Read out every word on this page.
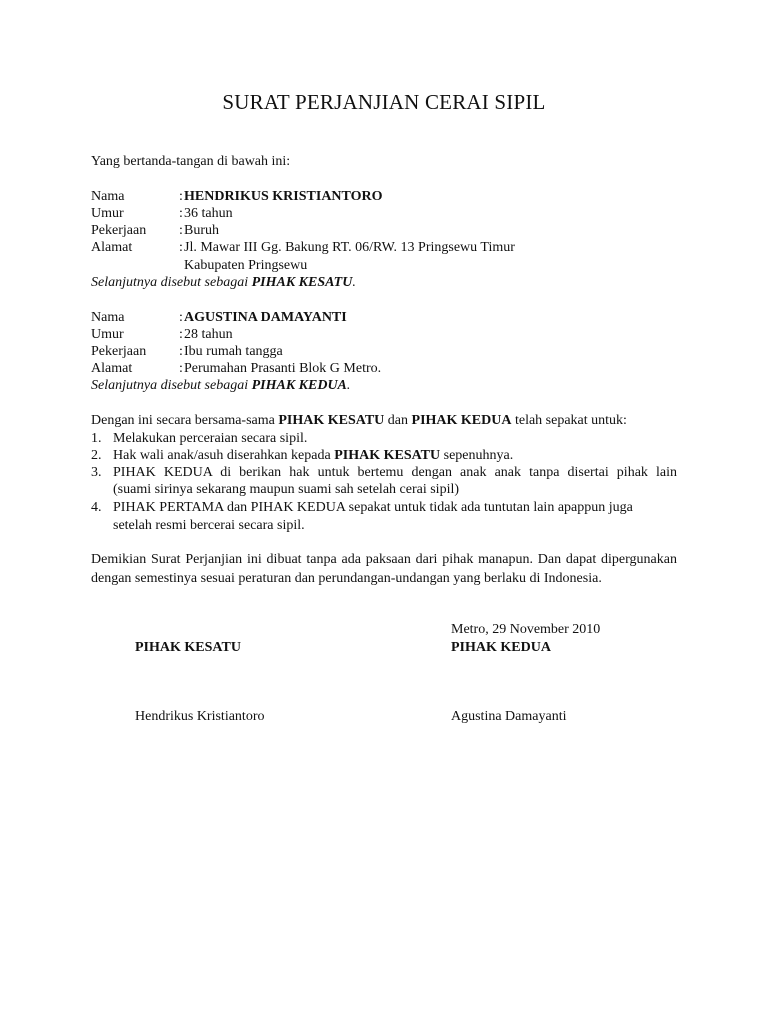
SURAT PERJANJIAN CERAI SIPIL
Yang bertanda-tangan di bawah ini:
Nama	: HENDRIKUS KRISTIANTORO
Umur	: 36 tahun
Pekerjaan	: Buruh
Alamat	: Jl. Mawar III Gg. Bakung RT. 06/RW. 13 Pringsewu Timur
Kabupaten Pringsewu
Selanjutnya disebut sebagai PIHAK KESATU.
Nama	: AGUSTINA DAMAYANTI
Umur	: 28 tahun
Pekerjaan	: Ibu rumah tangga
Alamat	: Perumahan Prasanti Blok G Metro.
Selanjutnya disebut sebagai PIHAK KEDUA.
Dengan ini secara bersama-sama PIHAK KESATU dan PIHAK KEDUA telah sepakat untuk:
1. Melakukan perceraian secara sipil.
2. Hak wali anak/asuh diserahkan kepada PIHAK KESATU sepenuhnya.
3. PIHAK KEDUA di berikan hak untuk bertemu dengan anak anak tanpa disertai pihak lain
(suami sirinya sekarang maupun suami sah setelah cerai sipil)
4. PIHAK PERTAMA dan PIHAK KEDUA sepakat untuk tidak ada tuntutan lain apappun juga
setelah resmi bercerai secara sipil.
Demikian Surat Perjanjian ini dibuat tanpa ada paksaan dari pihak manapun. Dan dapat dipergunakan dengan semestinya sesuai peraturan dan perundangan-undangan yang berlaku di Indonesia.
Metro, 29 November 2010
PIHAK KESATU	PIHAK KEDUA
Hendrikus Kristiantoro	Agustina Damayanti
